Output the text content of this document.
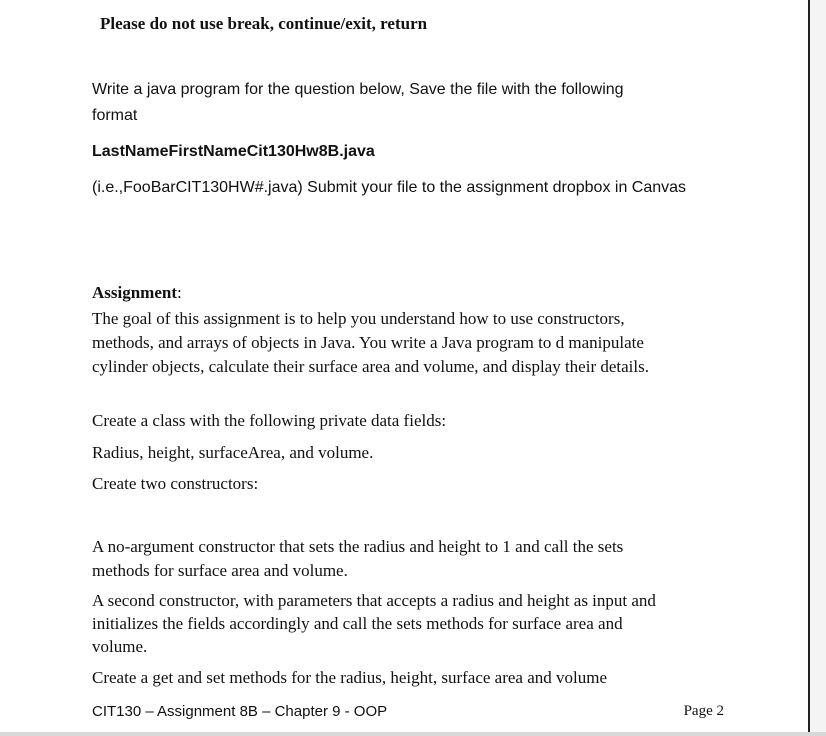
Please do not use break, continue/exit, return
Write a java program for the question below, Save the file with the following
format
LastNameFirstNameCit130Hw8B.java
(i.e.,FooBarCIT130HW#.java) Submit your file to the assignment dropbox in Canvas
Assignment:
The goal of this assignment is to help you understand how to use constructors,
methods, and arrays of objects in Java. You write a Java program to d manipulate
cylinder objects, calculate their surface area and volume, and display their details.
Create a class with the following private data fields:
Radius, height, surfaceArea, and volume.
Create two constructors:
A no-argument constructor that sets the radius and height to 1 and call the sets
methods for surface area and volume.
A second constructor, with parameters that accepts a radius and height as input and
initializes the fields accordingly and call the sets methods for surface area and
volume.
Create a get and set methods for the radius, height, surface area and volume
CIT130 – Assignment 8B – Chapter 9 - OOP	Page 2
